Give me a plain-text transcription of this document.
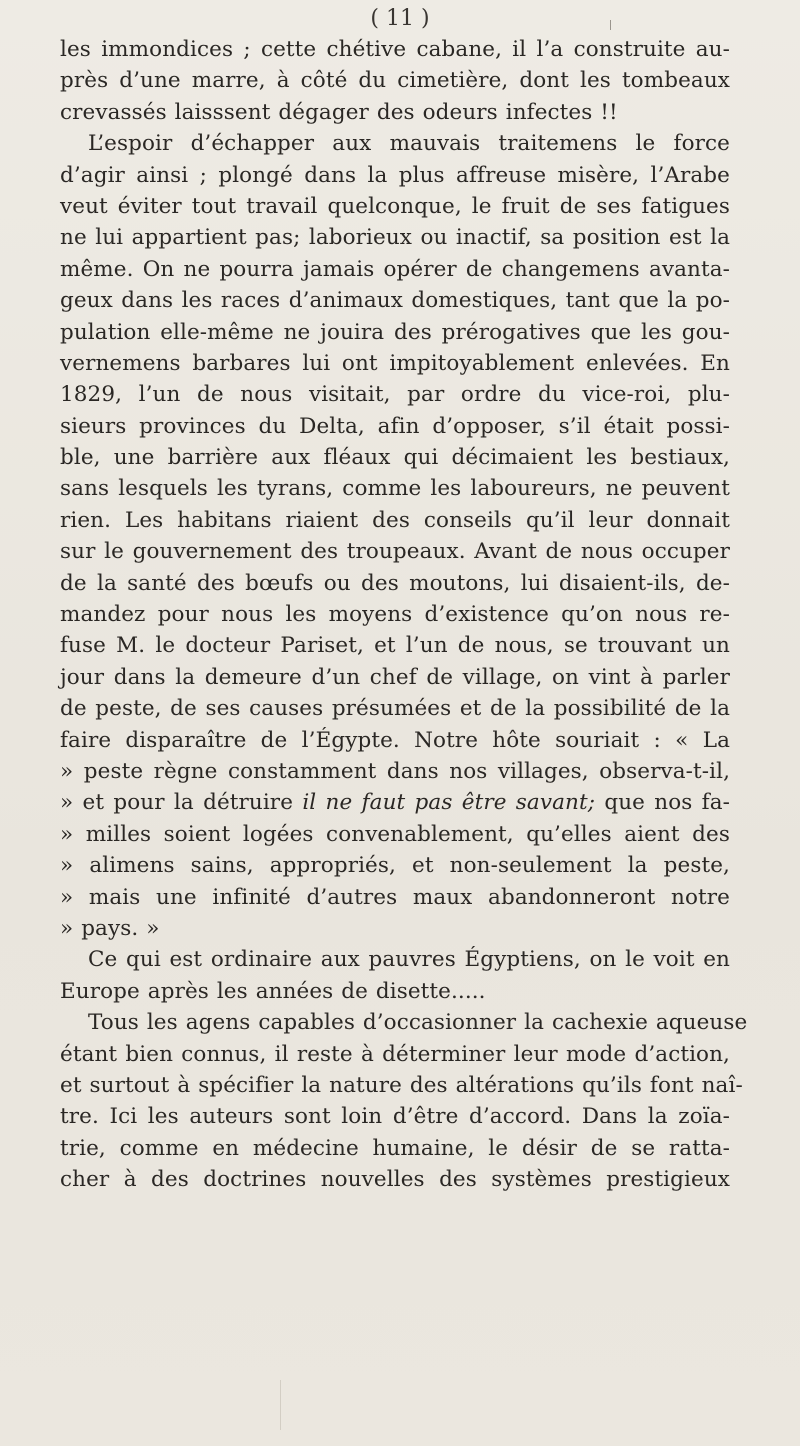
( 11 )
les immondices ; cette chétive cabane, il l’a construite au-
près d’une marre, à côté du cimetière, dont les tombeaux
crevassés laisssent dégager des odeurs infectes !!
L’espoir d’échapper aux mauvais traitemens le force
d’agir ainsi ; plongé dans la plus affreuse misère, l’Arabe
veut éviter tout travail quelconque, le fruit de ses fatigues
ne lui appartient pas; laborieux ou inactif, sa position est la
même. On ne pourra jamais opérer de changemens avanta-
geux dans les races d’animaux domestiques, tant que la po-
pulation elle-même ne jouira des prérogatives que les gou-
vernemens barbares lui ont impitoyablement enlevées. En
1829, l’un de nous visitait, par ordre du vice-roi, plu-
sieurs provinces du Delta, afin d’opposer, s’il était possi-
ble, une barrière aux fléaux qui décimaient les bestiaux,
sans lesquels les tyrans, comme les laboureurs, ne peuvent
rien. Les habitans riaient des conseils qu’il leur donnait
sur le gouvernement des troupeaux. Avant de nous occuper
de la santé des bœufs ou des moutons, lui disaient-ils, de-
mandez pour nous les moyens d’existence qu’on nous re-
fuse M. le docteur Pariset, et l’un de nous, se trouvant un
jour dans la demeure d’un chef de village, on vint à parler
de peste, de ses causes présumées et de la possibilité de la
faire disparaître de l’Égypte. Notre hôte souriait : « La
» peste règne constamment dans nos villages, observa-t-il,
» et pour la détruire il ne faut pas être savant; que nos fa-
» milles soient logées convenablement, qu’elles aient des
» alimens sains, appropriés, et non-seulement la peste,
» mais une infinité d’autres maux abandonneront notre
» pays. »
Ce qui est ordinaire aux pauvres Égyptiens, on le voit en
Europe après les années de disette.....
Tous les agens capables d’occasionner la cachexie aqueuse
étant bien connus, il reste à déterminer leur mode d’action,
et surtout à spécifier la nature des altérations qu’ils font naî-
tre. Ici les auteurs sont loin d’être d’accord. Dans la zoïa-
trie, comme en médecine humaine, le désir de se ratta-
cher à des doctrines nouvelles des systèmes prestigieux
